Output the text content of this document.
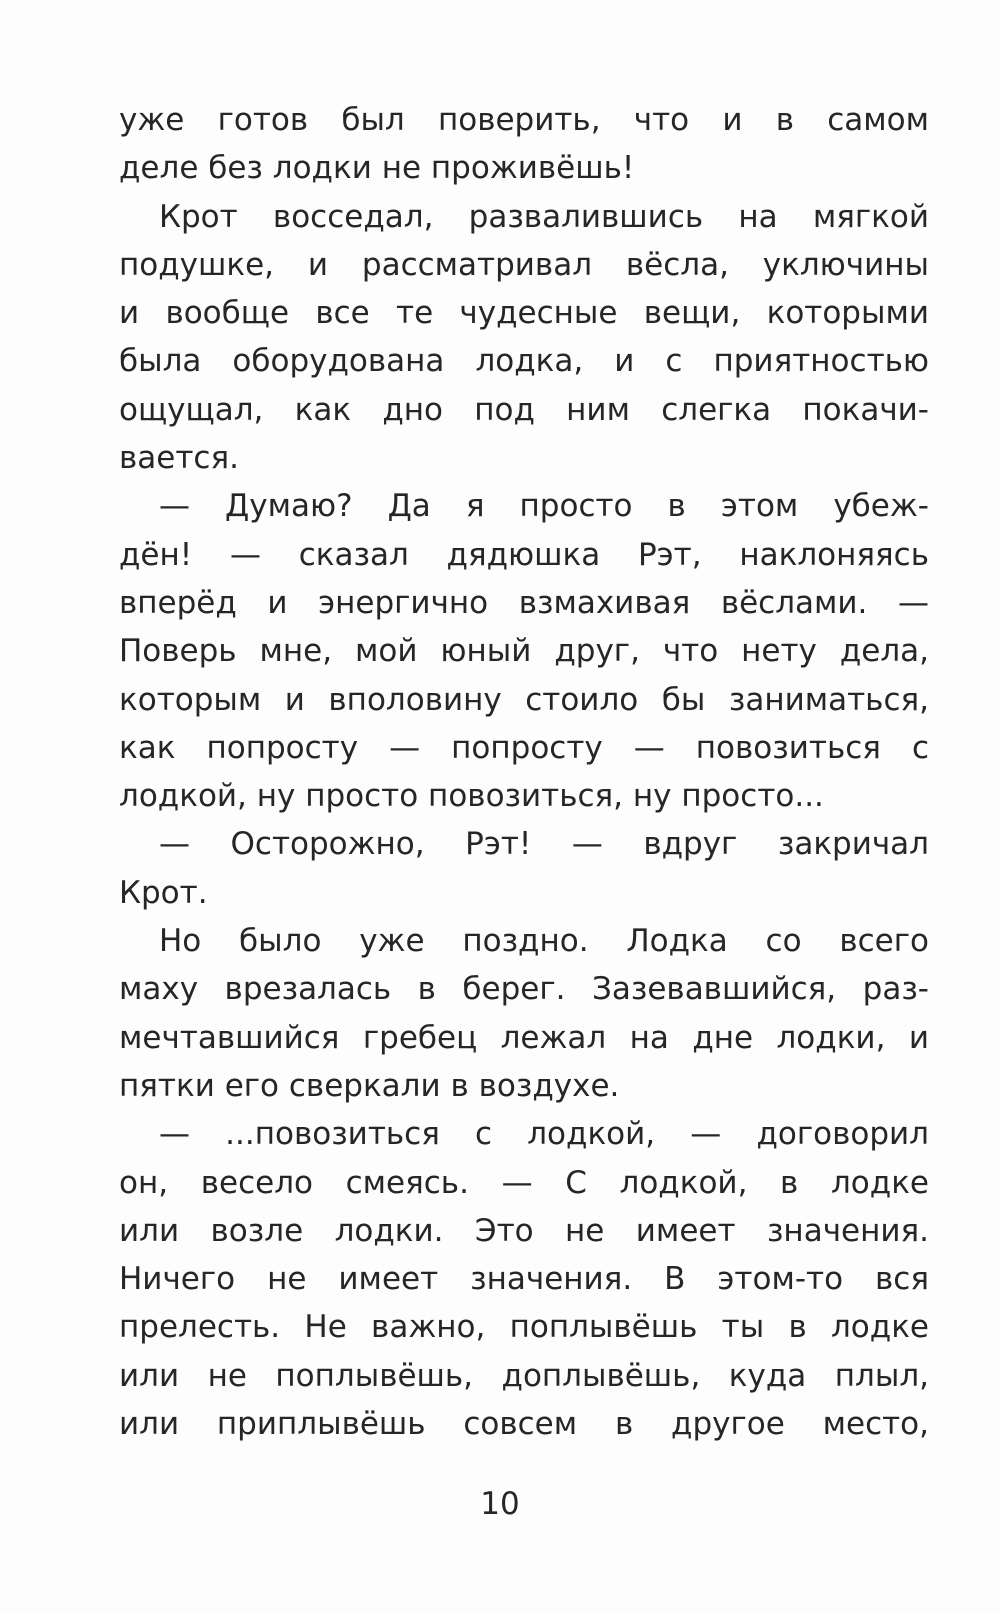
уже готов был поверить, что и в самом
деле без лодки не проживёшь!
Крот восседал, развалившись на мягкой
подушке, и рассматривал вёсла, уключины
и вообще все те чудесные вещи, которыми
была оборудована лодка, и с приятностью
ощущал, как дно под ним слегка покачи-
вается.
— Думаю? Да я просто в этом убеж-
дён! — сказал дядюшка Рэт, наклоняясь
вперёд и энергично взмахивая вёслами. —
Поверь мне, мой юный друг, что нету дела,
которым и вполовину стоило бы заниматься,
как попросту — попросту — повозиться с
лодкой, ну просто повозиться, ну просто...
— Осторожно, Рэт! — вдруг закричал
Крот.
Но было уже поздно. Лодка со всего
маху врезалась в берег. Зазевавшийся, раз-
мечтавшийся гребец лежал на дне лодки, и
пятки его сверкали в воздухе.
— ...повозиться с лодкой, — договорил
он, весело смеясь. — С лодкой, в лодке
или возле лодки. Это не имеет значения.
Ничего не имеет значения. В этом-то вся
прелесть. Не важно, поплывёшь ты в лодке
или не поплывёшь, доплывёшь, куда плыл,
или приплывёшь совсем в другое место,
10
